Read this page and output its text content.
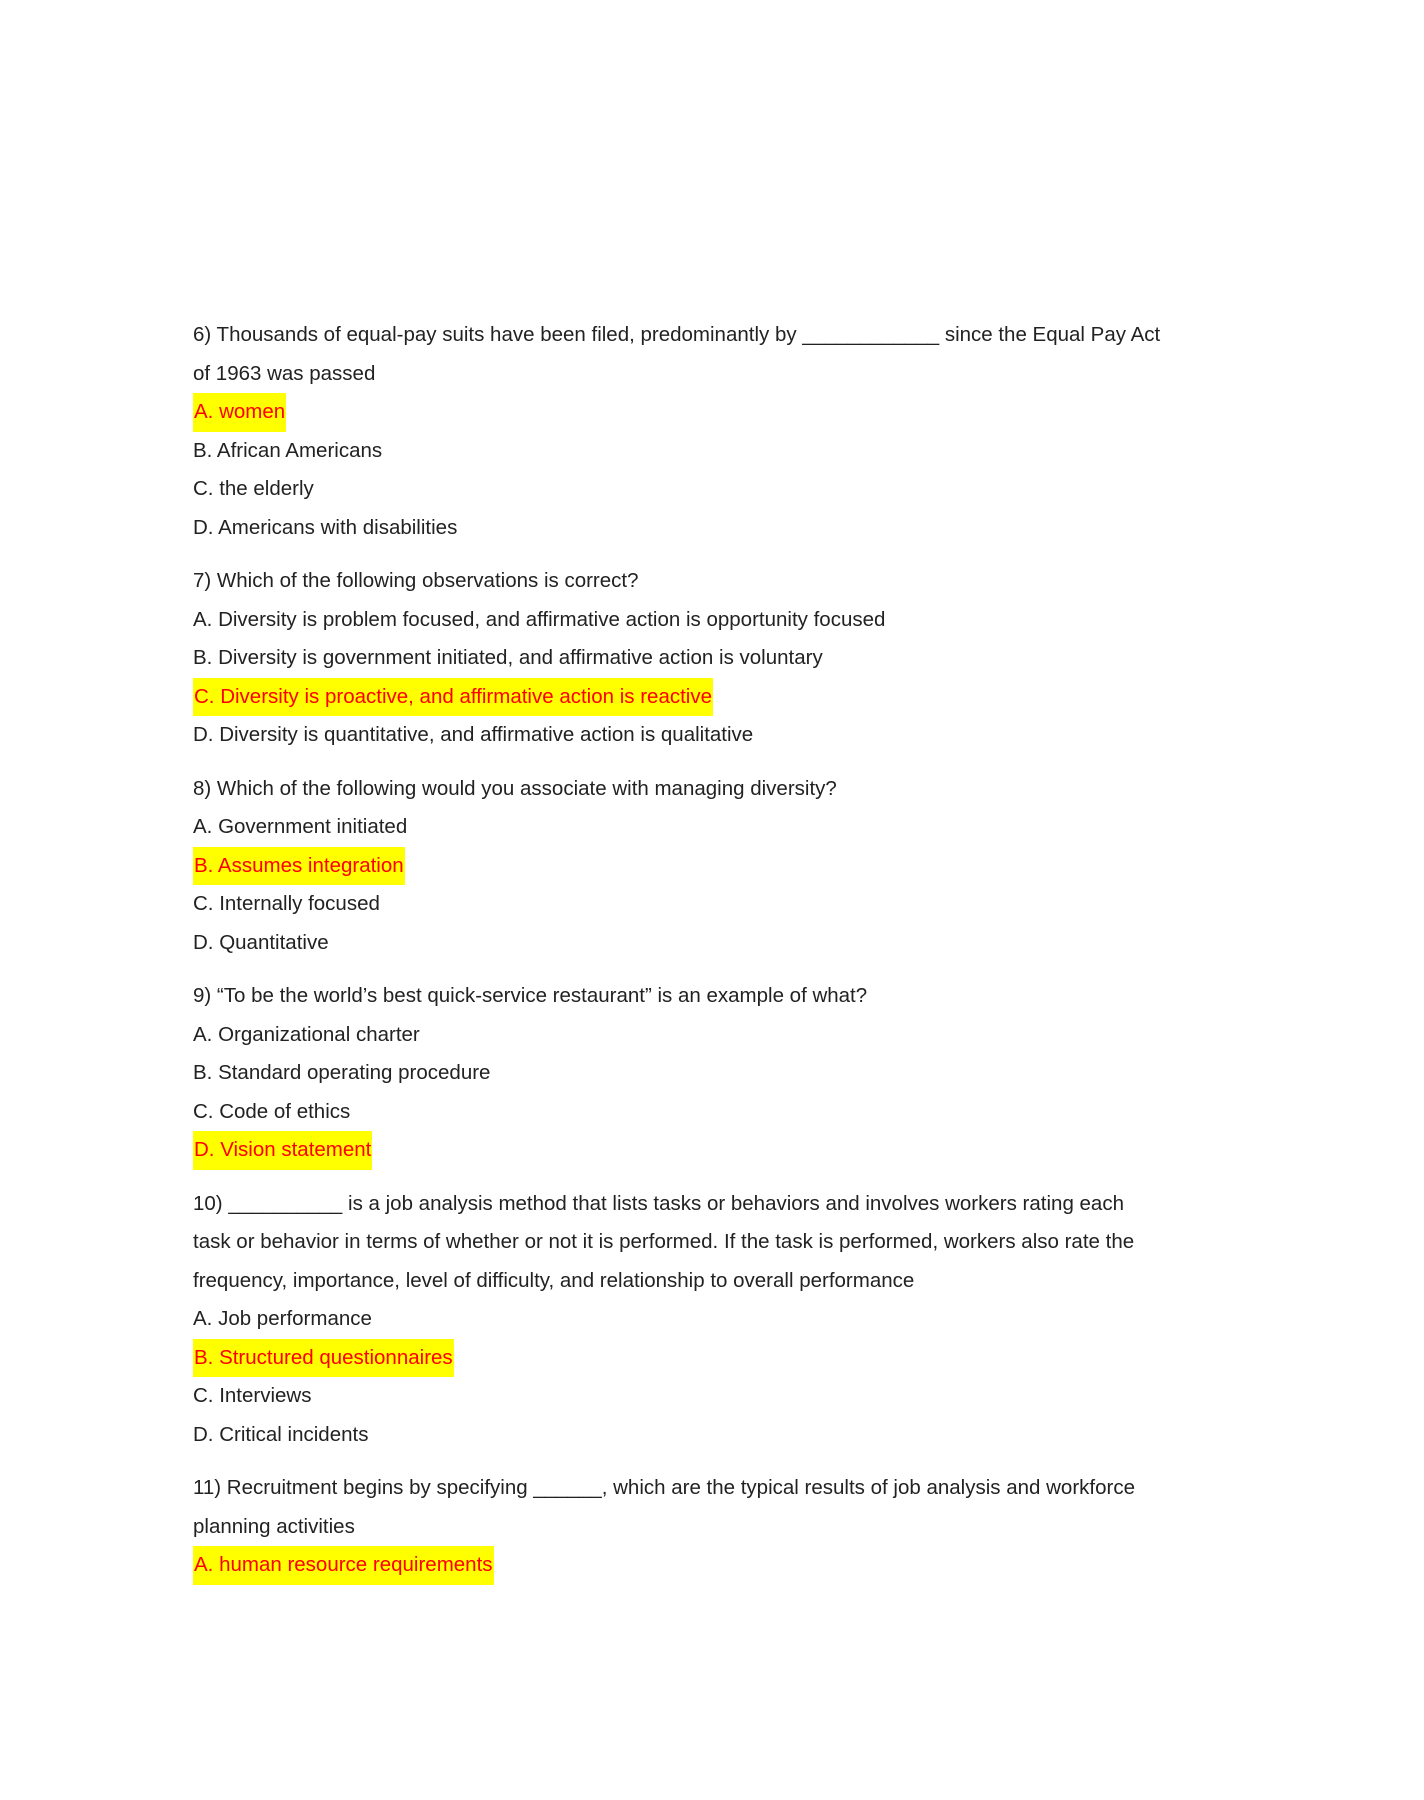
6) Thousands of equal-pay suits have been filed, predominantly by ____________ since the Equal Pay Act
of 1963 was passed
A. women
B. African Americans
C. the elderly
D. Americans with disabilities
7) Which of the following observations is correct?
A. Diversity is problem focused, and affirmative action is opportunity focused
B. Diversity is government initiated, and affirmative action is voluntary
C. Diversity is proactive, and affirmative action is reactive
D. Diversity is quantitative, and affirmative action is qualitative
8) Which of the following would you associate with managing diversity?
A. Government initiated
B. Assumes integration
C. Internally focused
D. Quantitative
9) “To be the world’s best quick-service restaurant” is an example of what?
A. Organizational charter
B. Standard operating procedure
C. Code of ethics
D. Vision statement
10) __________ is a job analysis method that lists tasks or behaviors and involves workers rating each
task or behavior in terms of whether or not it is performed. If the task is performed, workers also rate the
frequency, importance, level of difficulty, and relationship to overall performance
A. Job performance
B. Structured questionnaires
C. Interviews
D. Critical incidents
11) Recruitment begins by specifying ______, which are the typical results of job analysis and workforce
planning activities
A. human resource requirements
